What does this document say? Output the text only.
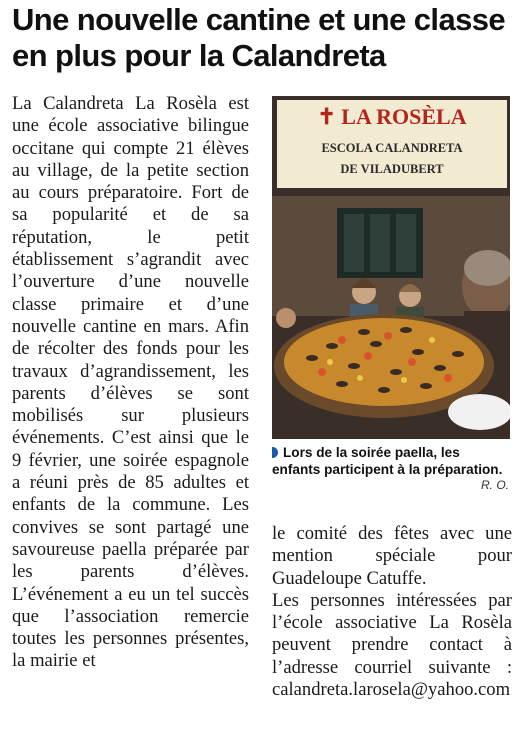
Une nouvelle cantine et une classe en plus pour la Calandreta

La Calandreta La Rosèla est une école associative bilingue occitane qui compte 21 élèves au village, de la petite section au cours préparatoire. Fort de sa popularité et de sa réputation, le petit établissement s’agrandit avec l’ouverture d’une nouvelle classe primaire et d’une nouvelle cantine en mars. Afin de récolter des fonds pour les travaux d’agrandissement, les parents d’élèves se sont mobilisés sur plusieurs événements. C’est ainsi que le 9 février, une soirée espagnole a réuni près de 85 adultes et enfants de la commune. Les convives se sont partagé une savoureuse paella préparée par les parents d’élèves. L’événement a eu un tel succès que l’association remercie toutes les personnes présentes, la mairie et

✝ LA ROSÈLA
ESCOLA CALANDRETA
DE VILADUBERT
Lors de la soirée paella, les enfants participent à la préparation.
R. O.

le comité des fêtes avec une mention spéciale pour Guadeloupe Catuffe.

Les personnes intéressées par l’école associative La Rosèla peuvent prendre contact à l’adresse courriel suivante : calandreta.larosela@yahoo.com
